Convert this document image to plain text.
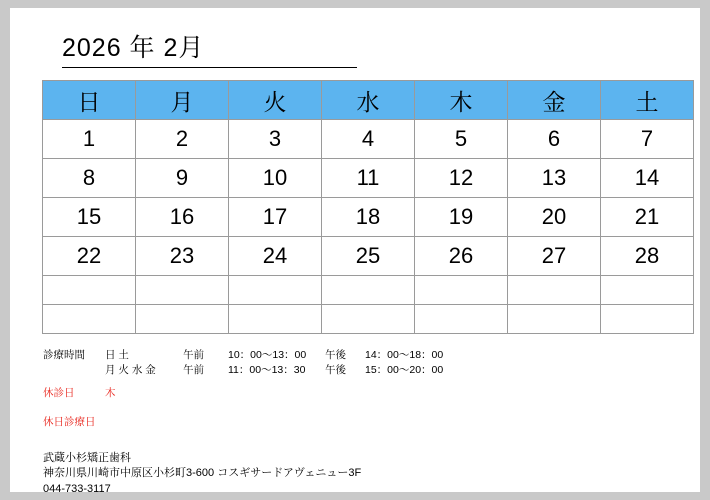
2026 年 2月
日	月	火	水	木	金	土
1	2	3	4	5	6	7
8	9	10	11	12	13	14
15	16	17	18	19	20	21
22	23	24	25	26	27	28

診療時間 日 土	午前 10：00～13：00 午後 14：00～18：00
月 火 水 金	午前 11：00～13：30 午後 15：00～20：00
休診日	木
休日診療日
武蔵小杉矯正歯科
神奈川県川崎市中原区小杉町3-600 コスギサードアヴェニュー3F
044-733-3117
